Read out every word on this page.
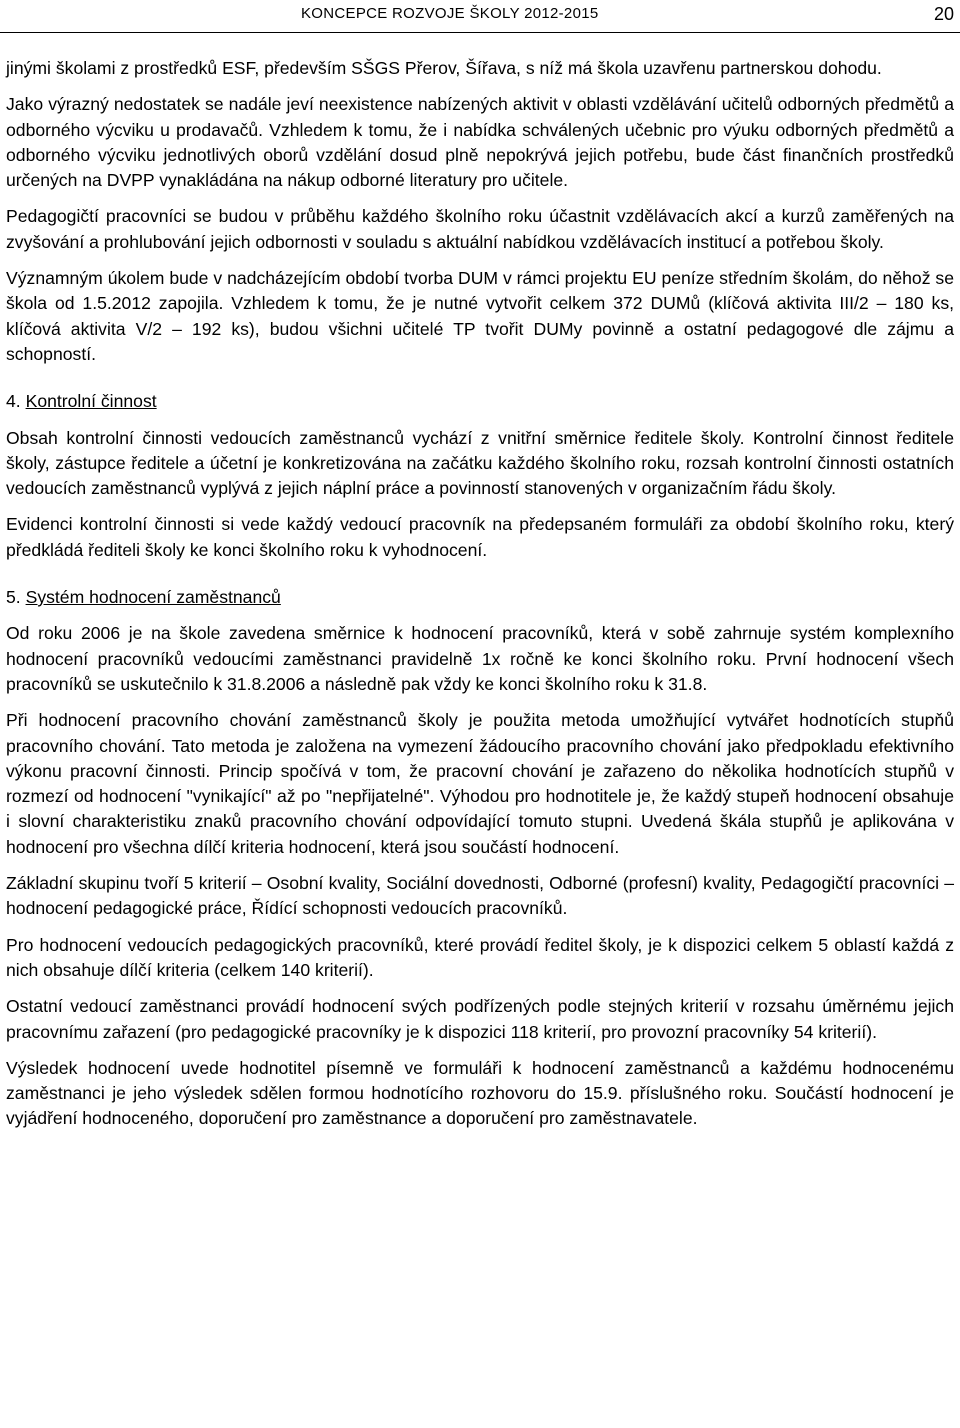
KONCEPCE ROZVOJE ŠKOLY 2012-2015	20

jinými školami z prostředků ESF, především SŠGS Přerov, Šířava, s níž má škola uzavřenu partnerskou dohodu.

Jako výrazný nedostatek se nadále jeví neexistence nabízených aktivit v oblasti vzdělávání učitelů odborných předmětů a odborného výcviku u prodavačů. Vzhledem k tomu, že i nabídka schválených učebnic pro výuku odborných předmětů a odborného výcviku jednotlivých oborů vzdělání dosud plně nepokrývá jejich potřebu, bude část finančních prostředků určených na DVPP vynakládána na nákup odborné literatury pro učitele.

Pedagogičtí pracovníci se budou v průběhu každého školního roku účastnit vzdělávacích akcí a kurzů zaměřených na zvyšování a prohlubování jejich odbornosti v souladu s aktuální nabídkou vzdělávacích institucí a potřebou školy.

Významným úkolem bude v nadcházejícím období tvorba DUM v rámci projektu EU peníze středním školám, do něhož se škola od 1.5.2012 zapojila. Vzhledem k tomu, že je nutné vytvořit celkem 372 DUMů (klíčová aktivita III/2 – 180 ks, klíčová aktivita V/2 – 192 ks), budou všichni učitelé TP tvořit DUMy povinně a ostatní pedagogové dle zájmu a schopností.

4. Kontrolní činnost

Obsah kontrolní činnosti vedoucích zaměstnanců vychází z vnitřní směrnice ředitele školy. Kontrolní činnost ředitele školy, zástupce ředitele a účetní je konkretizována na začátku každého školního roku, rozsah kontrolní činnosti ostatních vedoucích zaměstnanců vyplývá z jejich náplní práce a povinností stanovených v organizačním řádu školy.

Evidenci kontrolní činnosti si vede každý vedoucí pracovník na předepsaném formuláři za období školního roku, který předkládá řediteli školy ke konci školního roku k vyhodnocení.

5. Systém hodnocení zaměstnanců

Od roku 2006 je na škole zavedena směrnice k hodnocení pracovníků, která v sobě zahrnuje systém komplexního hodnocení pracovníků vedoucími zaměstnanci pravidelně 1x ročně ke konci školního roku. První hodnocení všech pracovníků se uskutečnilo k 31.8.2006 a následně pak vždy ke konci školního roku k 31.8.

Při hodnocení pracovního chování zaměstnanců školy je použita metoda umožňující vytvářet hodnotících stupňů pracovního chování. Tato metoda je založena na vymezení žádoucího pracovního chování jako předpokladu efektivního výkonu pracovní činnosti. Princip spočívá v tom, že pracovní chování je zařazeno do několika hodnotících stupňů v rozmezí od hodnocení "vynikající" až po "nepřijatelné". Výhodou pro hodnotitele je, že každý stupeň hodnocení obsahuje i slovní charakteristiku znaků pracovního chování odpovídající tomuto stupni. Uvedená škála stupňů je aplikována v hodnocení pro všechna dílčí kriteria hodnocení, která jsou součástí hodnocení.

Základní skupinu tvoří 5 kriterií – Osobní kvality, Sociální dovednosti, Odborné (profesní) kvality, Pedagogičtí pracovníci – hodnocení pedagogické práce, Řídící schopnosti vedoucích pracovníků.

Pro hodnocení vedoucích pedagogických pracovníků, které provádí ředitel školy, je k dispozici celkem 5 oblastí každá z nich obsahuje dílčí kriteria (celkem 140 kriterií).

Ostatní vedoucí zaměstnanci provádí hodnocení svých podřízených podle stejných kriterií v rozsahu úměrnému jejich pracovnímu zařazení (pro pedagogické pracovníky je k dispozici 118 kriterií, pro provozní pracovníky 54 kriterií).

Výsledek hodnocení uvede hodnotitel písemně ve formuláři k hodnocení zaměstnanců a každému hodnocenému zaměstnanci je jeho výsledek sdělen formou hodnotícího rozhovoru do 15.9. příslušného roku. Součástí hodnocení je vyjádření hodnoceného, doporučení pro zaměstnance a doporučení pro zaměstnavatele.
